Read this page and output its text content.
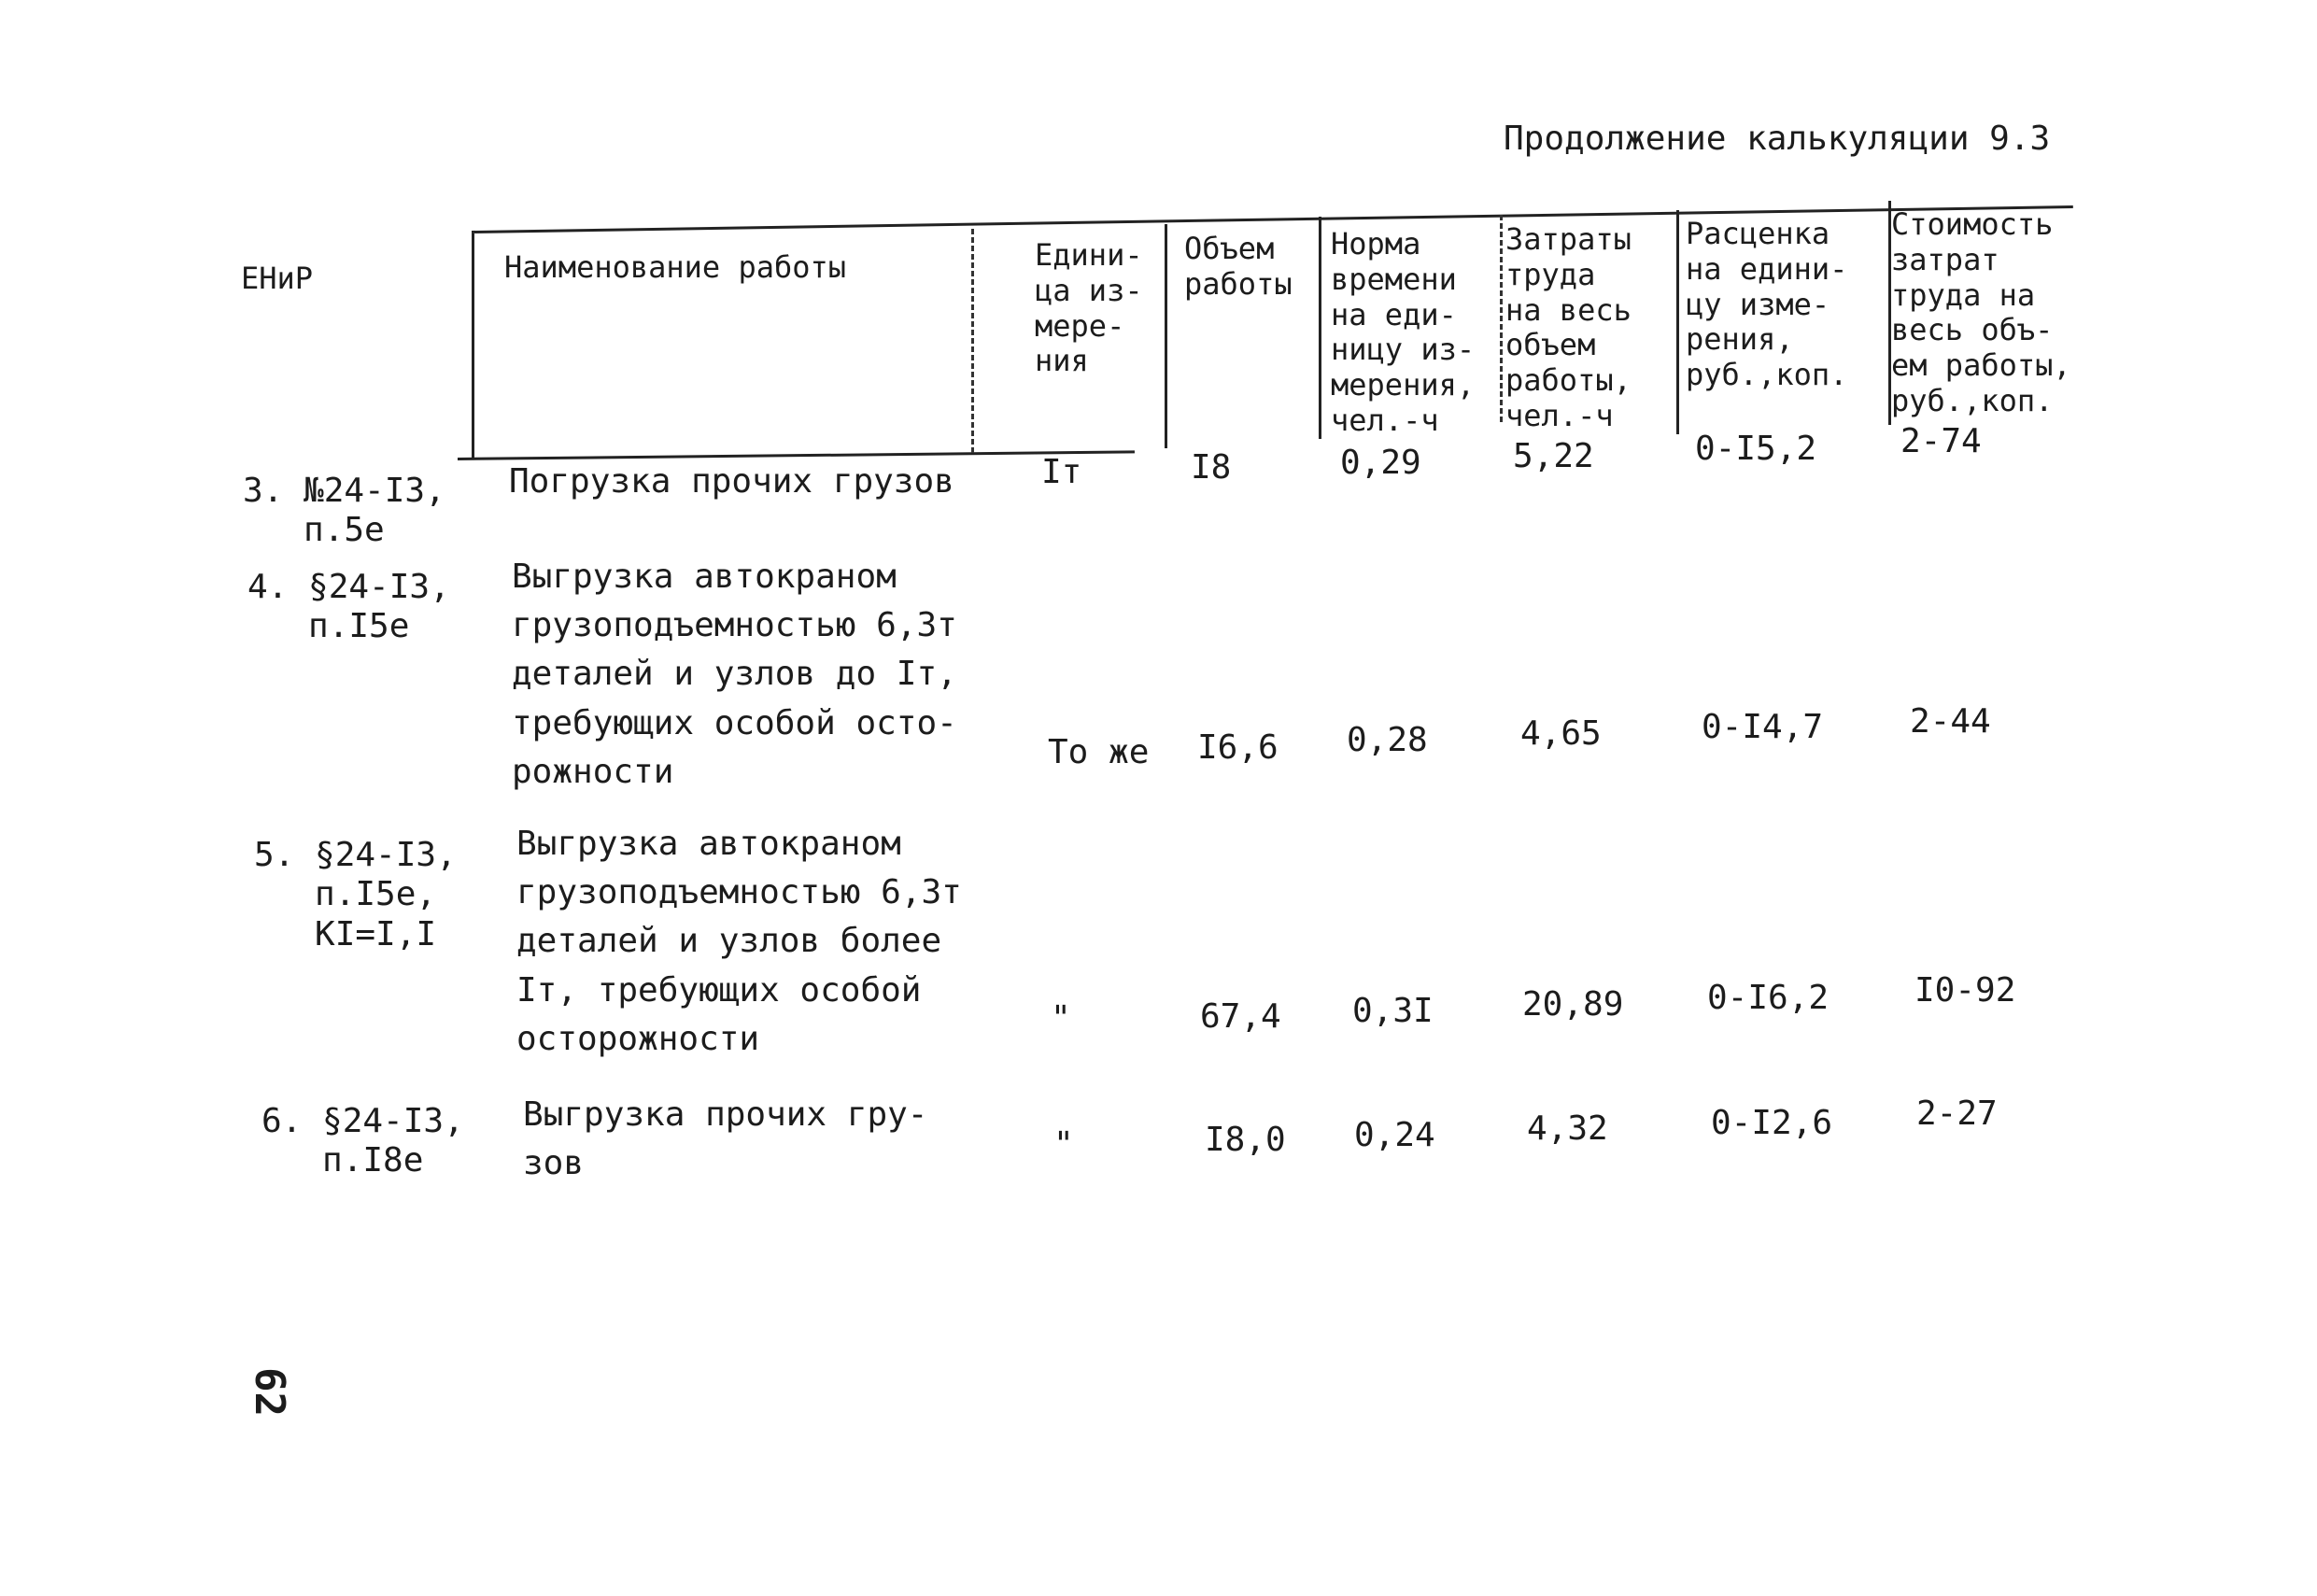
Продолжение калькуляции 9.3
ЕНиР	Наименование работы	Едини-
ца из-
мере-
ния
Объем
работы
Норма
времени
на еди-
ницу из-
мерения,
чел.-ч
Затраты
труда
на весь
объем
работы,
чел.-ч
Расценка
на едини-
цу изме-
рения,
руб.,коп.
Стоимость
затрат
труда на
весь объ-
ем работы,
руб.,коп.
3. №24-I3,
п.5е
Погрузка прочих грузов	Iт	I8	0,29	5,22	0-I5,2 2-74
4. §24-I3,
п.I5е
Выгрузка автокраном
грузоподъемностью 6,3т
деталей и узлов до Iт,
требующих особой осто-
рожности
То же I6,6 0,28	4,65	0-I4,7	2-44
5. §24-I3,
п.I5е,
КI=I,I
Выгрузка автокраном
грузоподъемностью 6,3т
деталей и узлов более
Iт, требующих особой
осторожности
"	67,4 0,3I	20,89 0-I6,2	I0-92
6. §24-I3,
п.I8е
Выгрузка прочих гру-
зов	"	I8,0 0,24	4,32	0-I2,6 2-27
62
